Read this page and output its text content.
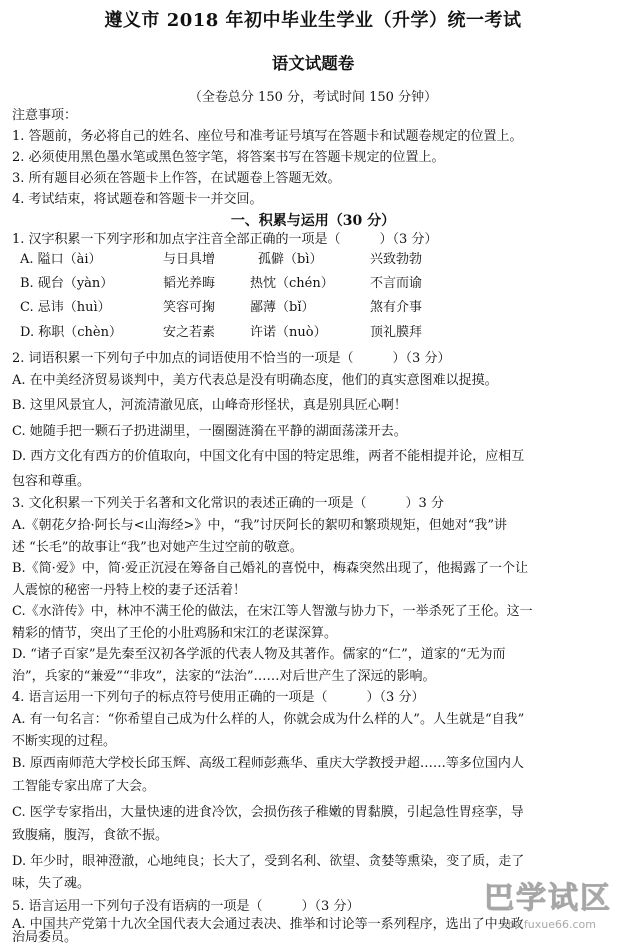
遵义市 2018 年初中毕业生学业（升学）统一考试
语文试题卷
（全卷总分 150 分，考试时间 150 分钟）
注意事项：
1. 答题前，务必将自己的姓名、座位号和准考证号填写在答题卡和试题卷规定的位置上。
2. 必须使用黑色墨水笔或黑色签字笔，将答案书写在答题卡规定的位置上。
3. 所有题目必须在答题卡上作答，在试题卷上答题无效。
4. 考试结束，将试题卷和答题卡一并交回。
一、积累与运用（30 分）
1. 汉字积累一下列字形和加点字注音全部正确的一项是（　　　）（3 分）
A. 隘口（ài）	与日具增	孤僻（bì）	兴致勃勃
B. 砚台（yàn）	韬光养晦	热忱（chén）	不言而谕
C. 忌讳（huì）	笑容可掬	鄙薄（bǐ）	煞有介事
D. 称职（chèn）	安之若素	许诺（nuò）	顶礼膜拜
2. 词语积累一下列句子中加点的词语使用不恰当的一项是（　　　）（3 分）
A. 在中美经济贸易谈判中，美方代表总是没有明确态度，他们的真实意图难以捉摸。
B. 这里风景宜人，河流清澈见底，山峰奇形怪状，真是别具匠心啊！
C. 她随手把一颗石子扔进湖里，一圈圈涟漪在平静的湖面荡漾开去。
D. 西方文化有西方的价值取向，中国文化有中国的特定思维，两者不能相提并论，应相互
包容和尊重。
3. 文化积累一下列关于名著和文化常识的表述正确的一项是（　　　）3 分
A.《朝花夕拾·阿长与<山海经>》中，“我”讨厌阿长的絮叨和繁琐规矩，但她对“我”讲
述 “长毛”的故事让“我”也对她产生过空前的敬意。
B.《简·爱》中，简·爱正沉浸在筹备自己婚礼的喜悦中，梅森突然出现了，他揭露了一个让
人震惊的秘密一丹特上校的妻子还活着！
C.《水浒传》中，林冲不满王伦的做法，在宋江等人智激与协力下，一举杀死了王伦。这一
精彩的情节，突出了王伦的小肚鸡肠和宋江的老谋深算。
D. “诸子百家”是先秦至汉初各学派的代表人物及其著作。儒家的“仁”，道家的“无为而
治”，兵家的“兼爱”“非攻”，法家的“法治”……对后世产生了深远的影响。
4. 语言运用一下列句子的标点符号使用正确的一项是（　　　）（3 分）
A. 有一句名言：“你希望自己成为什么样的人，你就会成为什么样的人”。人生就是“自我”
不断实现的过程。
B. 原西南师范大学校长邱玉辉、高级工程师彭燕华、重庆大学教授尹超……等多位国内人
工智能专家出席了大会。
C. 医学专家指出，大量快速的进食冷饮，会损伤孩子稚嫩的胃黏膜，引起急性胃痉挛，导
致腹痛，腹泻，食欲不振。
D. 年少时，眼神澄澈，心地纯良；长大了，受到名利、欲望、贪婪等熏染，变了质，走了
味，失了魂。
5. 语言运用一下列句子没有语病的一项是（　　　）（3 分）
A. 中国共产党第十九次全国代表大会通过表决、推举和讨论等一系列程序，选出了中央政
治局委员。
巴学试区
bbs.fuxue66.com
